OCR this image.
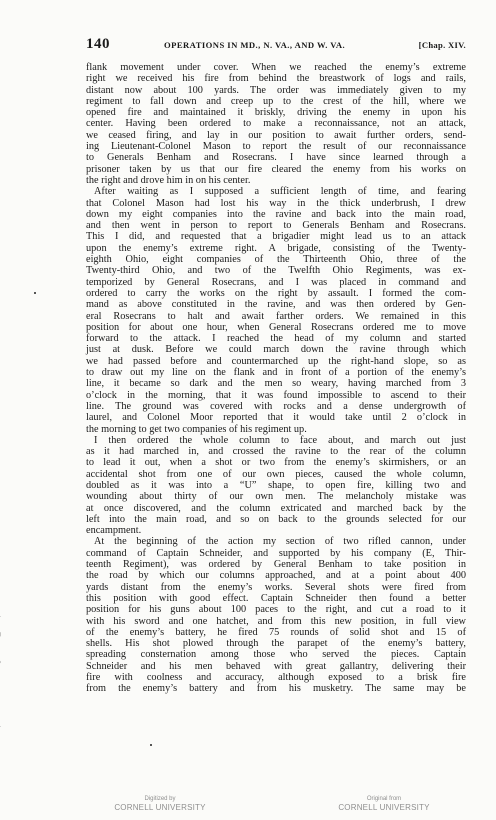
140	OPERATIONS IN MD., N. VA., AND W. VA.	[Chap. XIV.
flank movement under cover. When we reached the enemy’s extreme
right we received his fire from behind the breastwork of logs and rails,
distant now about 100 yards. The order was immediately given to my
regiment to fall down and creep up to the crest of the hill, where we
opened fire and maintained it briskly, driving the enemy in upon his
center. Having been ordered to make a reconnaissance, not an attack,
we ceased firing, and lay in our position to await further orders, send-
ing Lieutenant-Colonel Mason to report the result of our reconnaissance
to Generals Benham and Rosecrans. I have since learned through a
prisoner taken by us that our fire cleared the enemy from his works on
the right and drove him in on his center.
After waiting as I supposed a sufficient length of time, and fearing
that Colonel Mason had lost his way in the thick underbrush, I drew
down my eight companies into the ravine and back into the main road,
and then went in person to report to Generals Benham and Rosecrans.
This I did, and requested that a brigadier might lead us to an attack
upon the enemy’s extreme right. A brigade, consisting of the Twenty-
eighth Ohio, eight companies of the Thirteenth Ohio, three of the
Twenty-third Ohio, and two of the Twelfth Ohio Regiments, was ex-
temporized by General Rosecrans, and I was placed in command and
ordered to carry the works on the right by assault. I formed the com-
mand as above constituted in the ravine, and was then ordered by Gen-
eral Rosecrans to halt and await farther orders. We remained in this
position for about one hour, when General Rosecrans ordered me to move
forward to the attack. I reached the head of my column and started
just at dusk. Before we could march down the ravine through which
we had passed before and countermarched up the right-hand slope, so as
to draw out my line on the flank and in front of a portion of the enemy’s
line, it became so dark and the men so weary, having marched from 3
o’clock in the morning, that it was found impossible to ascend to their
line. The ground was covered with rocks and a dense undergrowth of
laurel, and Colonel Moor reported that it would take until 2 o’clock in
the morning to get two companies of his regiment up.
I then ordered the whole column to face about, and march out just
as it had marched in, and crossed the ravine to the rear of the column
to lead it out, when a shot or two from the enemy’s skirmishers, or an
accidental shot from one of our own pieces, caused the whole column,
doubled as it was into a “U” shape, to open fire, killing two and
wounding about thirty of our own men. The melancholy mistake was
at once discovered, and the column extricated and marched back by the
left into the main road, and so on back to the grounds selected for our
encampment.
At the beginning of the action my section of two rifled cannon, under
command of Captain Schneider, and supported by his company (E, Thir-
teenth Regiment), was ordered by General Benham to take position in
the road by which our columns approached, and at a point about 400
yards distant from the enemy’s works. Several shots were fired from
this position with good effect. Captain Schneider then found a better
position for his guns about 100 paces to the right, and cut a road to it
with his sword and one hatchet, and from this new position, in full view
of the enemy’s battery, he fired 75 rounds of solid shot and 15 of
shells. His shot plowed through the parapet of the enemy’s battery,
spreading consternation among those who served the pieces. Captain
Schneider and his men behaved with great gallantry, delivering their
fire with coolness and accuracy, although exposed to a brisk fire
from the enemy’s battery and from his musketry. The same may be
Digitized by
CORNELL UNIVERSITY
Original from
CORNELL UNIVERSITY
